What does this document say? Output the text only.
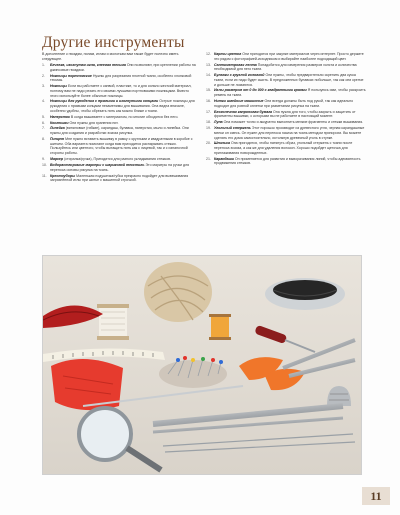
Другие инструменты

В дополнение к гвоздям, пилам, иглам и молоткам вам также будет полезно иметь следующее.

1.	Бечевка, изогнутая игла, клеевая тесьма Они позволяют, при креплении работы на джинсовые гвоздики.
2.	Ножницы портновские Нужны для разрезания плотной ткани, особенно хлопковой тесьмы.
3.	Ножницы Если вы работаете с канвой, пластике, то и для сильно жесткий материал, поэтому вам не надо резать его своими лучшими портновскими ножницами. Вместо этого используйте более обычные ножницы.
4.	Ножницы для рукоделия с прямыми и изогнутыми концами Острые ножницы для рукоделия с прямыми концами незаменимы для вышивания. Она видна вначале, особенно удобны, чтобы обрезать нить как можно ближе к ткани.
5.	Наперсток В когда вышиваете с материалом, но многие обходятся без него.
6.	Коклюшки Они нужны для хранения нит.
7.	Линейка (виниловые (гибкие), карандаш, булавка, наперстки, мыло и линейка. Они нужны для создания и разработки эскиза рисунка.
8.	Пинцет Мне нужно вставить вышивку в рамку с круглыми и квадратными в коробке с шитьем. Оба варианта помогают когда вам приходится распарывать стежки. Пользуйтесь или цветного, чтобы вытащить нить как с лицевой, так и с изнаночной стороны работы.
9.	Маркер (стиралка/ручка), Пригодится для разного укладывания стежков.
10. Водорастворимые маркеры с шариковой текстиль Это маркеры на ручки для переноса основы рисунка на ткань.
11. Крестоуборы Маленькая подушечка/губка прекрасно подойдет для вывешивания загрязнённой иглы при шитье с машинной строчкой.
12. Карты цветов Они пригодятся при закупке материалов через интернет. Просто держите это рядом с фотографией-исходником и выбирайте наиболее подходящий цвет.
13. Сантиметровая лента Понадобится для измерения размеров холста и количества необходимой для него ткани.
14. Булавки с круглой головкой Они нужны, чтобы предварительно скрепить два куска ткани, если их надо будет сшить. В предложенных булавках побольше, так как они крепче и дольше не ломаются.
15. Иглы размером от 0 до 000 с квадратными краями Я пользуюсь ими, чтобы раскроить ремень на ткани.
16. Нитки швейные машинные Они всегда должны быть под рукой, так как идеально подходят для ровной оплетки при разметании рисунка на ткани.
17. Бесконечная капроновая бумага Она нужна для того, чтобы закрыть и защитить от фрагменты вышивки, с которыми вы не работаете в настоящий момент.
18. Лупа Она поможет точно и аккуратно выполнить мелкие фрагменты и стежки вышивания.
19. Угольный стержень Этот порошок производят из древесного угля, черная карандашные мелки он смесь. Он нужен для переноса эскиза на ткань методом припорохи. Вы можете сделать его дома самостоятельно, истолкнув древесный уголь в ступке.
20. Шпилька Она пригодится, чтобы натянуть образ, угольный стержень с ткани после переноса эскиза, а как же для удаления волокон. Хорошо подойдет щеточка для приглаживания новорожденных.
21. Карандаши Он применяется для развития и выворачивания линий, чтобы адекватность продвижения стежков.
11
